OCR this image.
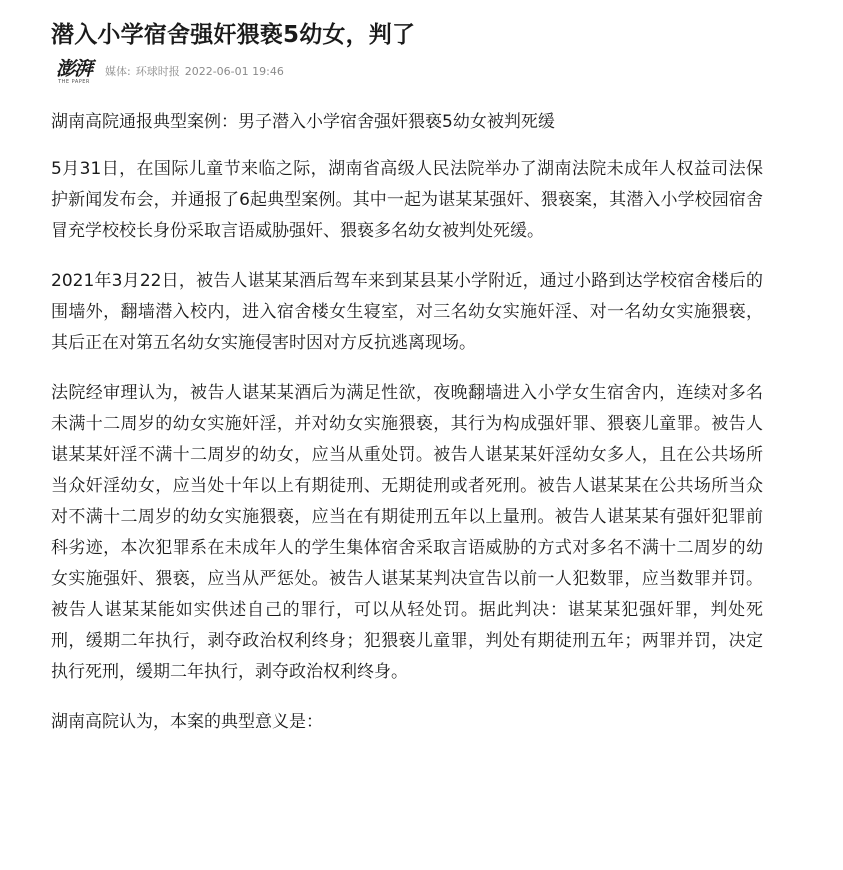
潜入小学宿舍强奸猥亵5幼女，判了
澎湃
THE PAPER
媒体: 环球时报 2022-06-01 19:46

湖南高院通报典型案例：男子潜入小学宿舍强奸猥亵5幼女被判死缓

5月31日，在国际儿童节来临之际，湖南省高级人民法院举办了湖南法院未成年人权益司法保护新闻发布会，并通报了6起典型案例。其中一起为谌某某强奸、猥亵案，其潜入小学校园宿舍冒充学校校长身份采取言语威胁强奸、猥亵多名幼女被判处死缓。

2021年3月22日，被告人谌某某酒后驾车来到某县某小学附近，通过小路到达学校宿舍楼后的围墙外，翻墙潜入校内，进入宿舍楼女生寝室，对三名幼女实施奸淫、对一名幼女实施猥亵，其后正在对第五名幼女实施侵害时因对方反抗逃离现场。

法院经审理认为，被告人谌某某酒后为满足性欲，夜晚翻墙进入小学女生宿舍内，连续对多名未满十二周岁的幼女实施奸淫，并对幼女实施猥亵，其行为构成强奸罪、猥亵儿童罪。被告人谌某某奸淫不满十二周岁的幼女，应当从重处罚。被告人谌某某奸淫幼女多人，且在公共场所当众奸淫幼女，应当处十年以上有期徒刑、无期徒刑或者死刑。被告人谌某某在公共场所当众对不满十二周岁的幼女实施猥亵，应当在有期徒刑五年以上量刑。被告人谌某某有强奸犯罪前科劣迹，本次犯罪系在未成年人的学生集体宿舍采取言语威胁的方式对多名不满十二周岁的幼女实施强奸、猥亵，应当从严惩处。被告人谌某某判决宣告以前一人犯数罪，应当数罪并罚。被告人谌某某能如实供述自己的罪行，可以从轻处罚。据此判决：谌某某犯强奸罪，判处死刑，缓期二年执行，剥夺政治权利终身；犯猥亵儿童罪，判处有期徒刑五年；两罪并罚，决定执行死刑，缓期二年执行，剥夺政治权利终身。

湖南高院认为，本案的典型意义是：
